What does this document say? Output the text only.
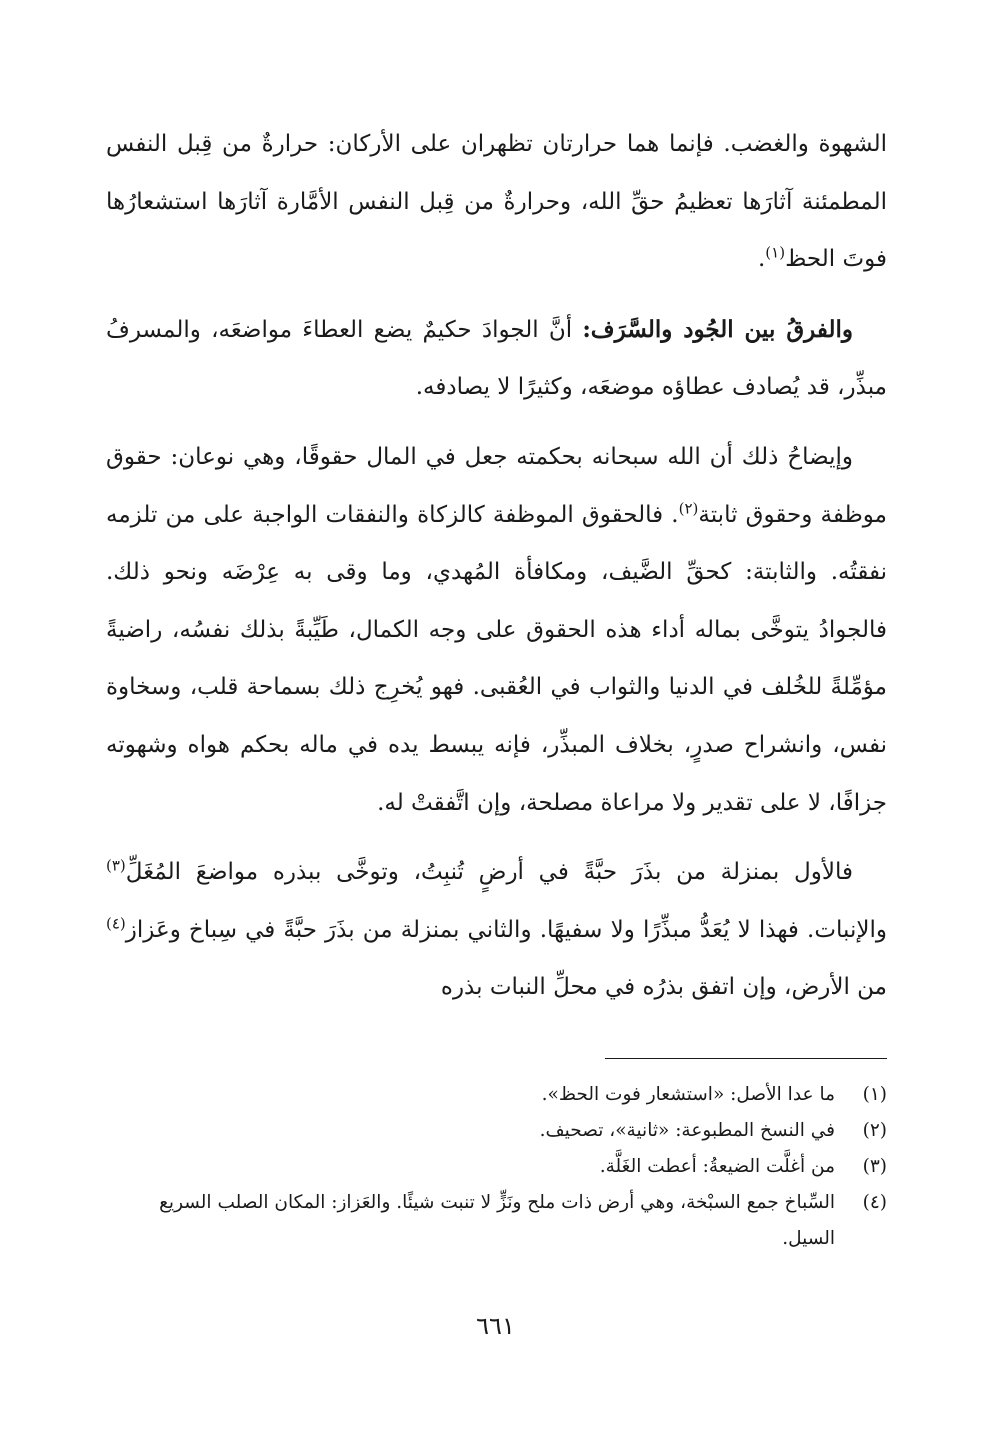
الشهوة والغضب. فإنما هما حرارتان تظهران على الأركان: حرارةٌ من قِبل النفس المطمئنة آثارَها تعظيمُ حقِّ الله، وحرارةٌ من قِبل النفس الأمَّارة آثارَها استشعارُها فوتَ الحظ$^{(١)}$.

والفرقُ بين الجُود والسَّرَف: أنَّ الجوادَ حكيمٌ يضع العطاءَ مواضعَه، والمسرفُ مبذِّر، قد يُصادف عطاؤه موضعَه، وكثيرًا لا يصادفه.

وإيضاحُ ذلك أن الله سبحانه بحكمته جعل في المال حقوقًا، وهي نوعان: حقوق موظفة وحقوق ثابتة$^{(٢)}$. فالحقوق الموظفة كالزكاة والنفقات الواجبة على من تلزمه نفقتُه. والثابتة: كحقِّ الضَّيف، ومكافأة المُهدي، وما وقى به عِرْضَه ونحو ذلك. فالجوادُ يتوخَّى بماله أداء هذه الحقوق على وجه الكمال، طَيِّبةً بذلك نفسُه، راضيةً مؤمِّلةً للخُلف في الدنيا والثواب في العُقبى. فهو يُخرِج ذلك بسماحة قلب، وسخاوة نفس، وانشراح صدرٍ، بخلاف المبذِّر، فإنه يبسط يده في ماله بحكم هواه وشهوته جزافًا، لا على تقدير ولا مراعاة مصلحة، وإن اتَّفقتْ له.

فالأول بمنزلة من بذَرَ حبَّةً في أرضٍ تُنبِتُ، وتوخَّى ببذره مواضعَ المُغَلِّ$^{(٣)}$ والإنبات. فهذا لا يُعَدُّ مبذِّرًا ولا سفيهًا. والثاني بمنزلة من بذَرَ حبَّةً في سِباخ وعَزاز$^{(٤)}$ من الأرض، وإن اتفق بذرُه في محلِّ النبات بذره

(١)
ما عدا الأصل: «استشعار فوت الحظ».
(٢)
في النسخ المطبوعة: «ثانية»، تصحيف.
(٣)
من أغلَّت الضيعةُ: أعطت الغَلَّة.
(٤)
السِّباخ جمع السبْخة، وهي أرض ذات ملح ونَزٍّ لا تنبت شيئًا. والعَزاز: المكان الصلب السريع السيل.
٦٦١
